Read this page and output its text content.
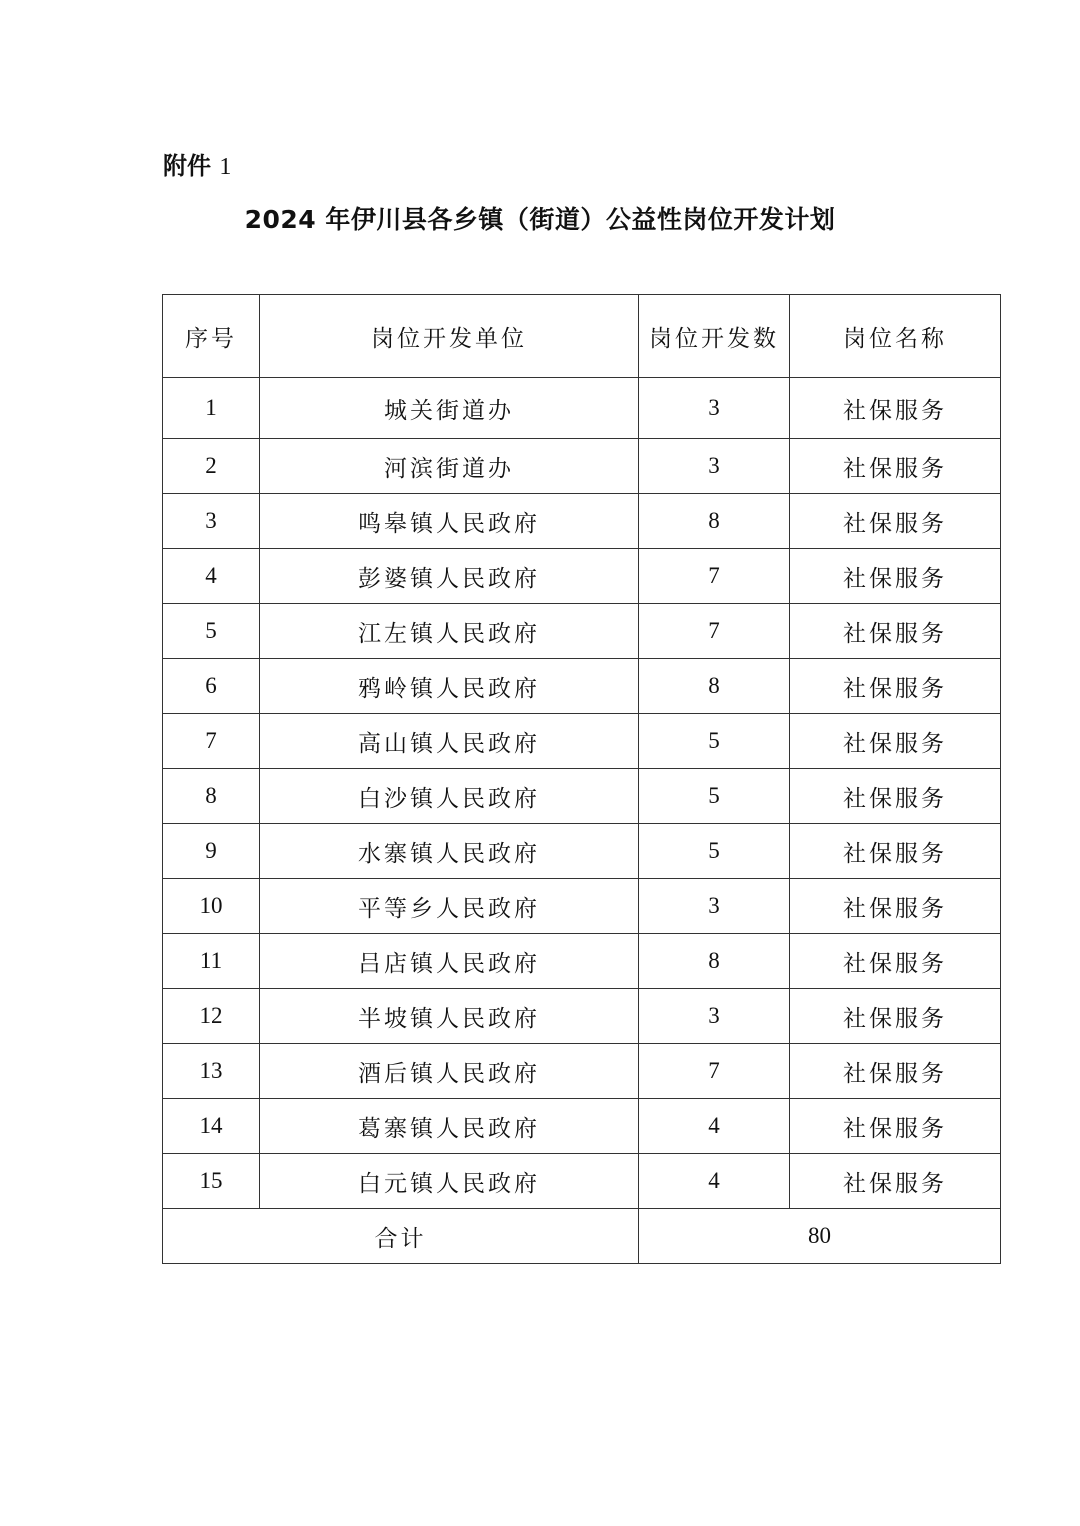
附件 1
2024 年伊川县各乡镇（街道）公益性岗位开发计划
序号	岗位开发单位	岗位开发数	岗位名称
1	城关街道办	3	社保服务
2	河滨街道办	3	社保服务
3	鸣皋镇人民政府	8	社保服务
4	彭婆镇人民政府	7	社保服务
5	江左镇人民政府	7	社保服务
6	鸦岭镇人民政府	8	社保服务
7	高山镇人民政府	5	社保服务
8	白沙镇人民政府	5	社保服务
9	水寨镇人民政府	5	社保服务
10	平等乡人民政府	3	社保服务
11	吕店镇人民政府	8	社保服务
12	半坡镇人民政府	3	社保服务
13	酒后镇人民政府	7	社保服务
14	葛寨镇人民政府	4	社保服务
15	白元镇人民政府	4	社保服务
合计		80	
